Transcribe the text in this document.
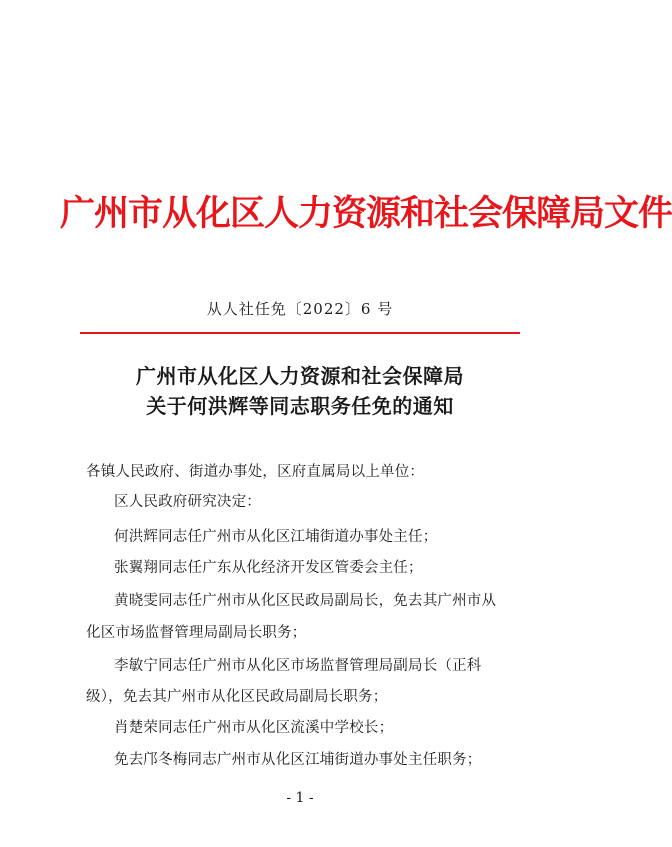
广州市从化区人力资源和社会保障局文件
从人社任免〔2022〕6 号
广州市从化区人力资源和社会保障局
关于何洪辉等同志职务任免的通知
各镇人民政府、街道办事处，区府直属局以上单位：
区人民政府研究决定：
何洪辉同志任广州市从化区江埔街道办事处主任；
张翼翔同志任广东从化经济开发区管委会主任；
黄晓雯同志任广州市从化区民政局副局长，免去其广州市从
化区市场监督管理局副局长职务；
李敏宁同志任广州市从化区市场监督管理局副局长（正科
级），免去其广州市从化区民政局副局长职务；
肖楚荣同志任广州市从化区流溪中学校长；
免去邝冬梅同志广州市从化区江埔街道办事处主任职务；
- 1 -
